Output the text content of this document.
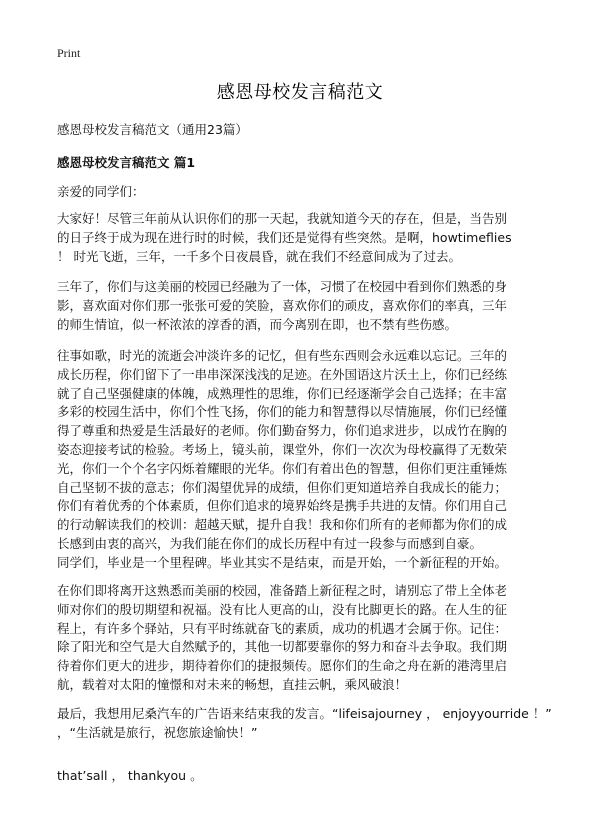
Print
感恩母校发言稿范文
感恩母校发言稿范文（通用23篇）
感恩母校发言稿范文 篇1
亲爱的同学们：
大家好！尽管三年前从认识你们的那一天起，我就知道今天的存在，但是，当告别
的日子终于成为现在进行时的时候，我们还是觉得有些突然。是啊，howtimeflies
！ 时光飞逝，三年，一千多个日夜晨昏，就在我们不经意间成为了过去。
三年了，你们与这美丽的校园已经融为了一体，习惯了在校园中看到你们熟悉的身
影，喜欢面对你们那一张张可爱的笑脸，喜欢你们的顽皮，喜欢你们的率真，三年
的师生情谊，似一杯浓浓的淳香的酒，而今离别在即，也不禁有些伤感。
往事如歌，时光的流逝会冲淡许多的记忆，但有些东西则会永远难以忘记。三年的
成长历程，你们留下了一串串深深浅浅的足迹。在外国语这片沃土上，你们已经练
就了自己坚强健康的体魄，成熟理性的思维，你们已经逐渐学会自己选择；在丰富
多彩的校园生活中，你们个性飞扬，你们的能力和智慧得以尽情施展，你们已经懂
得了尊重和热爱是生活最好的老师。你们勤奋努力，你们追求进步，以成竹在胸的
姿态迎接考试的检验。考场上，镜头前，课堂外，你们一次次为母校赢得了无数荣
光，你们一个个名字闪烁着耀眼的光华。你们有着出色的智慧，但你们更注重锤炼
自己坚韧不拔的意志；你们渴望优异的成绩，但你们更知道培养自我成长的能力；
你们有着优秀的个体素质，但你们追求的境界始终是携手共进的友情。你们用自己
的行动解读我们的校训：超越天赋，提升自我！我和你们所有的老师都为你们的成
长感到由衷的高兴，为我们能在你们的成长历程中有过一段参与而感到自豪。
同学们，毕业是一个里程碑。毕业其实不是结束，而是开始，一个新征程的开始。
在你们即将离开这熟悉而美丽的校园，准备踏上新征程之时，请别忘了带上全体老
师对你们的殷切期望和祝福。没有比人更高的山，没有比脚更长的路。在人生的征
程上，有许多个驿站，只有平时练就奋飞的素质，成功的机遇才会属于你。记住：
除了阳光和空气是大自然赋予的，其他一切都要靠你的努力和奋斗去争取。我们期
待着你们更大的进步，期待着你们的捷报频传。愿你们的生命之舟在新的港湾里启
航，载着对太阳的憧憬和对未来的畅想，直挂云帆，乘风破浪！
最后，我想用尼桑汽车的广告语来结束我的发言。“lifeisajourney ， enjoyyourride ！”
，“生活就是旅行，祝您旅途愉快！”
that’sall ， thankyou 。
